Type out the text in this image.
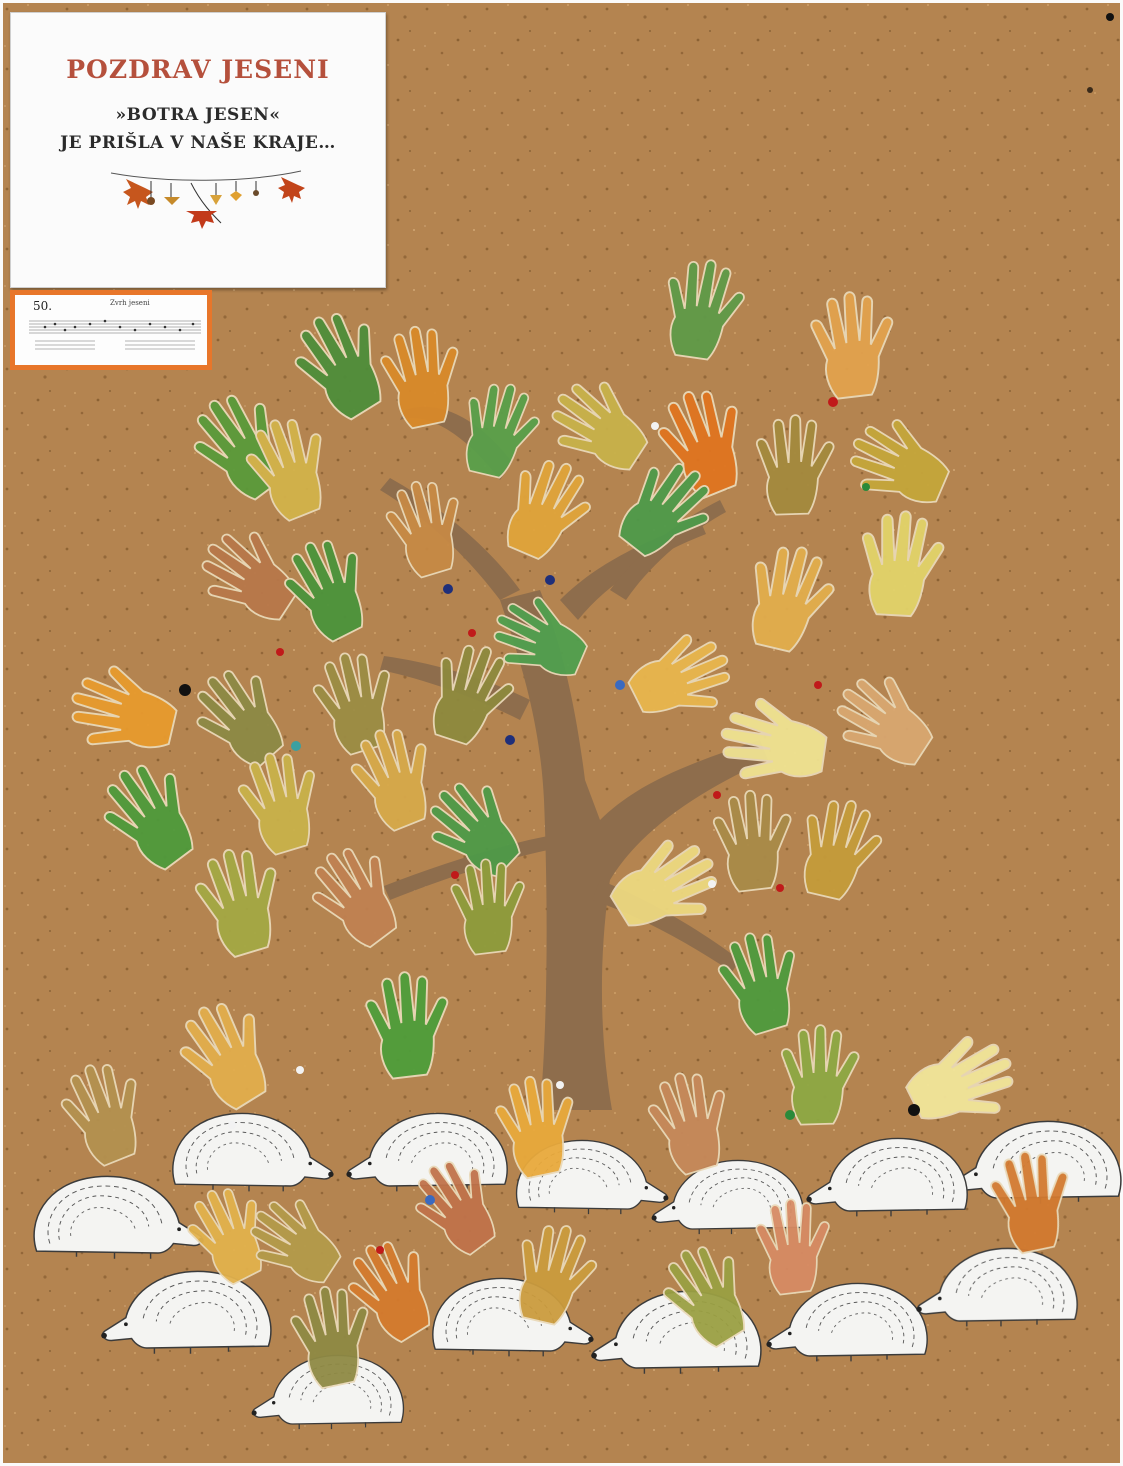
POZDRAV JESENI
»BOTRA JESEN«
JE PRIŠLA V NAŠE KRAJE…
50.	Zvrh jeseni
